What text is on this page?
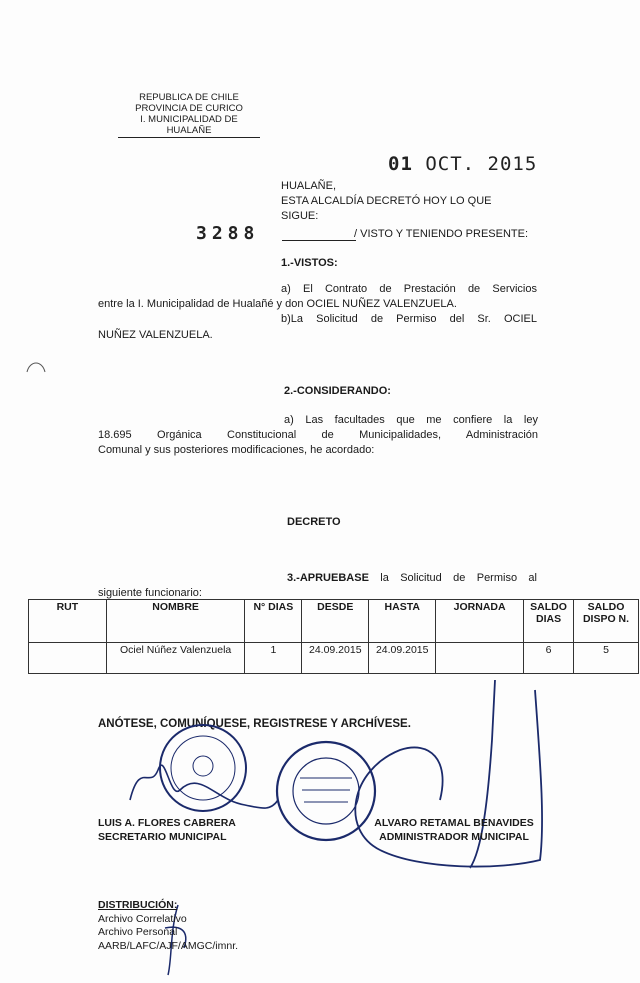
REPUBLICA DE CHILE
PROVINCIA DE CURICO
I. MUNICIPALIDAD DE HUALAÑE
01 OCT. 2015
HUALAÑE,
ESTA ALCALDÍA DECRETÓ HOY LO QUE
SIGUE:
3288	/ VISTO Y TENIENDO PRESENTE:
1.-VISTOS:
a) El Contrato de Prestación de Servicios
entre la I. Municipalidad de Hualañé y don OCIEL NUÑEZ VALENZUELA.
b)La Solicitud de Permiso del Sr. OCIEL
NUÑEZ VALENZUELA.
2.-CONSIDERANDO:
a) Las facultades que me confiere la ley
18.695 Orgánica Constitucional de Municipalidades, Administración
Comunal y sus posteriores modificaciones, he acordado:
DECRETO
3.-APRUEBASE la Solicitud de Permiso al
siguiente funcionario:
RUT	NOMBRE	N° DIAS	DESDE	HASTA	JORNADA	SALDO DIAS	SALDO DISPO N.
	Ociel Núñez Valenzuela	1	24.09.2015	24.09.2015		6	5
ANÓTESE, COMUNÍQUESE, REGISTRESE Y ARCHÍVESE.
LUIS A. FLORES CABRERA
SECRETARIO MUNICIPAL
ALVARO RETAMAL BENAVIDES
ADMINISTRADOR MUNICIPAL
DISTRIBUCIÓN:
Archivo Correlativo
Archivo Personal
AARB/LAFC/AJF/AMGC/imnr.
